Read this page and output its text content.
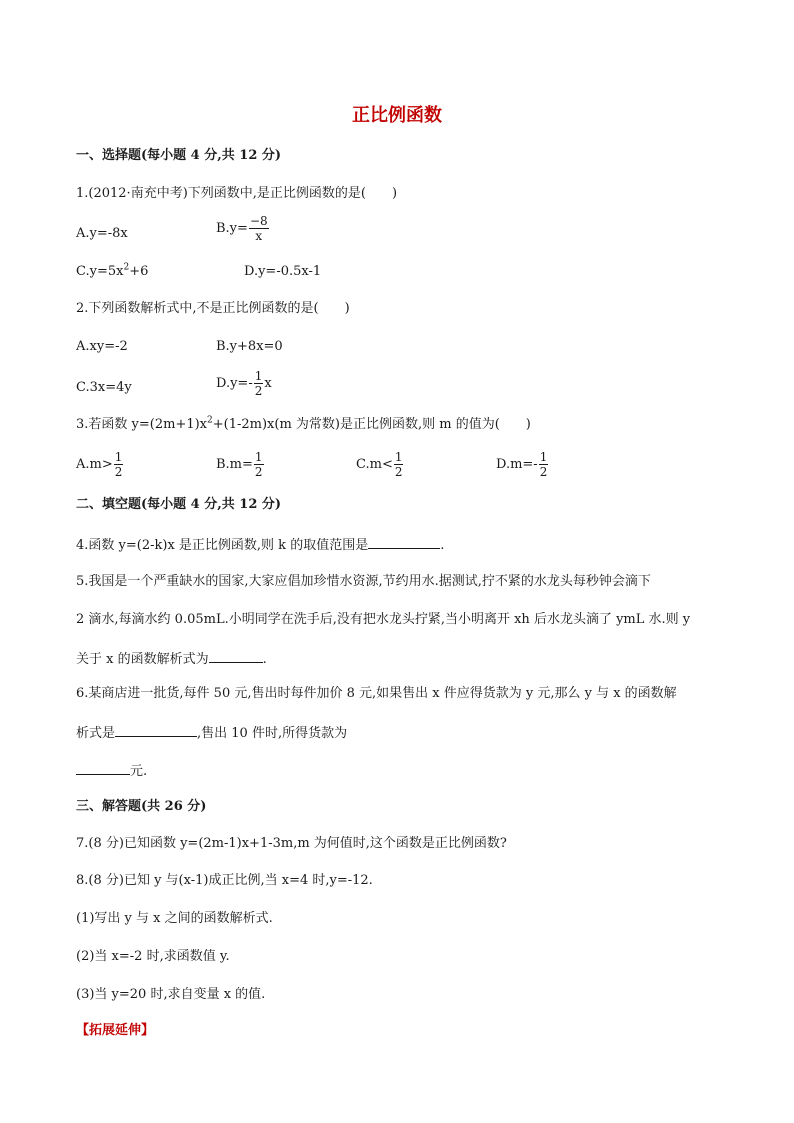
正比例函数
一、选择题(每小题 4 分,共 12 分)
1.(2012·南充中考)下列函数中,是正比例函数的是(　　)
A.y=-8x	$B.y= \frac{-8}{x}$
$C.y=5x^2+6$	D.y=-0.5x-1
2.下列函数解析式中,不是正比例函数的是(　　)
A.xy=-2	B.y+8x=0
C.3x=4y	$D.y=- \frac{1}{2}$ x
3.若函数 $y=(2m+1)x^2+(1-2m)x(m$ 为常数)是正比例函数,则 m 的值为(　　)
$A.m> \frac{1}{2}$	$B.m= \frac{1}{2}$	$C.m< \frac{1}{2}$	$D.m=- \frac{1}{2}$
二、填空题(每小题 4 分,共 12 分)
4.函数 y=(2-k)x 是正比例函数,则 k 的取值范围是	.
5.我国是一个严重缺水的国家,大家应倡加珍惜水资源,节约用水.据测试,拧不紧的水龙头每秒钟会滴下
2 滴水,每滴水约 0.05mL.小明同学在洗手后,没有把水龙头拧紧,当小明离开 xh 后水龙头滴了 ymL 水.则 y
关于 x 的函数解析式为	.
6.某商店进一批货,每件 50 元,售出时每件加价 8 元,如果售出 x 件应得货款为 y 元,那么 y 与 x 的函数解
析式是	,售出 10 件时,所得货款为
元.
三、解答题(共 26 分)
7.(8 分)已知函数 y=(2m-1)x+1-3m,m 为何值时,这个函数是正比例函数?
8.(8 分)已知 y 与(x-1)成正比例,当 x=4 时,y=-12.
(1)写出 y 与 x 之间的函数解析式.
(2)当 x=-2 时,求函数值 y.
(3)当 y=20 时,求自变量 x 的值.
【拓展延伸】
